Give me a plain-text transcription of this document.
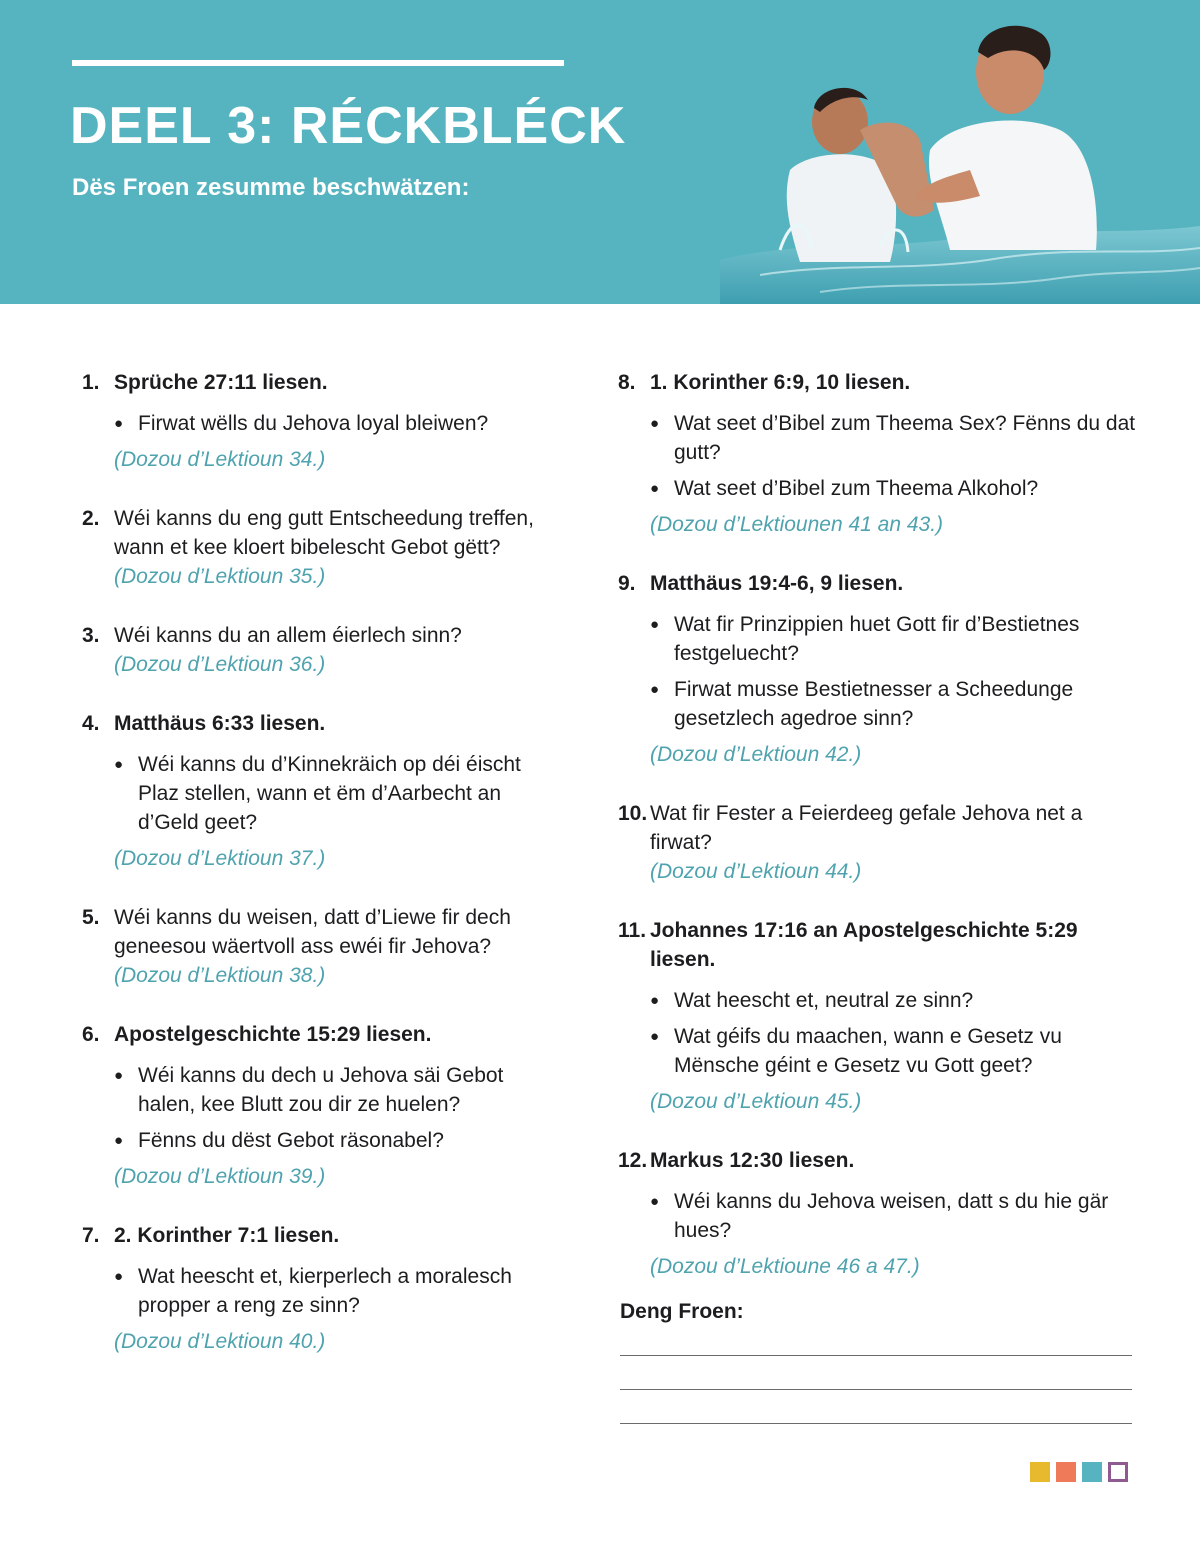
DEEL 3: RÉCKBLÉCK
Dës Froen zesumme beschwätzen:
1. Sprüche 27:11 liesen.
● Firwat wëlls du Jehova loyal bleiwen?
(Dozou d’Lektioun 34.)
2. Wéi kanns du eng gutt Entscheedung treffen, wann et kee kloert bibelescht Gebot gëtt?
(Dozou d’Lektioun 35.)
3. Wéi kanns du an allem éierlech sinn?
(Dozou d’Lektioun 36.)
4. Matthäus 6:33 liesen.
● Wéi kanns du d’Kinnekräich op déi éischt Plaz stellen, wann et ëm d’Aarbecht an d’Geld geet?
(Dozou d’Lektioun 37.)
5. Wéi kanns du weisen, datt d’Liewe fir dech geneesou wäertvoll ass ewéi fir Jehova?
(Dozou d’Lektioun 38.)
6. Apostelgeschichte 15:29 liesen.
● Wéi kanns du dech u Jehova säi Gebot halen, kee Blutt zou dir ze huelen?
● Fënns du dëst Gebot räsonabel?
(Dozou d’Lektioun 39.)
7. 2. Korinther 7:1 liesen.
● Wat heescht et, kierperlech a moralesch propper a reng ze sinn?
(Dozou d’Lektioun 40.)
8. 1. Korinther 6:9, 10 liesen.
● Wat seet d’Bibel zum Theema Sex? Fënns du dat gutt?
● Wat seet d’Bibel zum Theema Alkohol?
(Dozou d’Lektiounen 41 an 43.)
9. Matthäus 19:4-6, 9 liesen.
● Wat fir Prinzippien huet Gott fir d’Bestietnes festgeluecht?
● Firwat musse Bestietnesser a Scheedunge gesetzlech agedroe sinn?
(Dozou d’Lektioun 42.)
10. Wat fir Fester a Feierdeeg gefale Jehova net a firwat?
(Dozou d’Lektioun 44.)
11. Johannes 17:16 an Apostelgeschichte 5:29 liesen.
● Wat heescht et, neutral ze sinn?
● Wat géifs du maachen, wann e Gesetz vu Mënsche géint e Gesetz vu Gott geet?
(Dozou d’Lektioun 45.)
12. Markus 12:30 liesen.
● Wéi kanns du Jehova weisen, datt s du hie gär hues?
(Dozou d’Lektioune 46 a 47.)
Deng Froen:
